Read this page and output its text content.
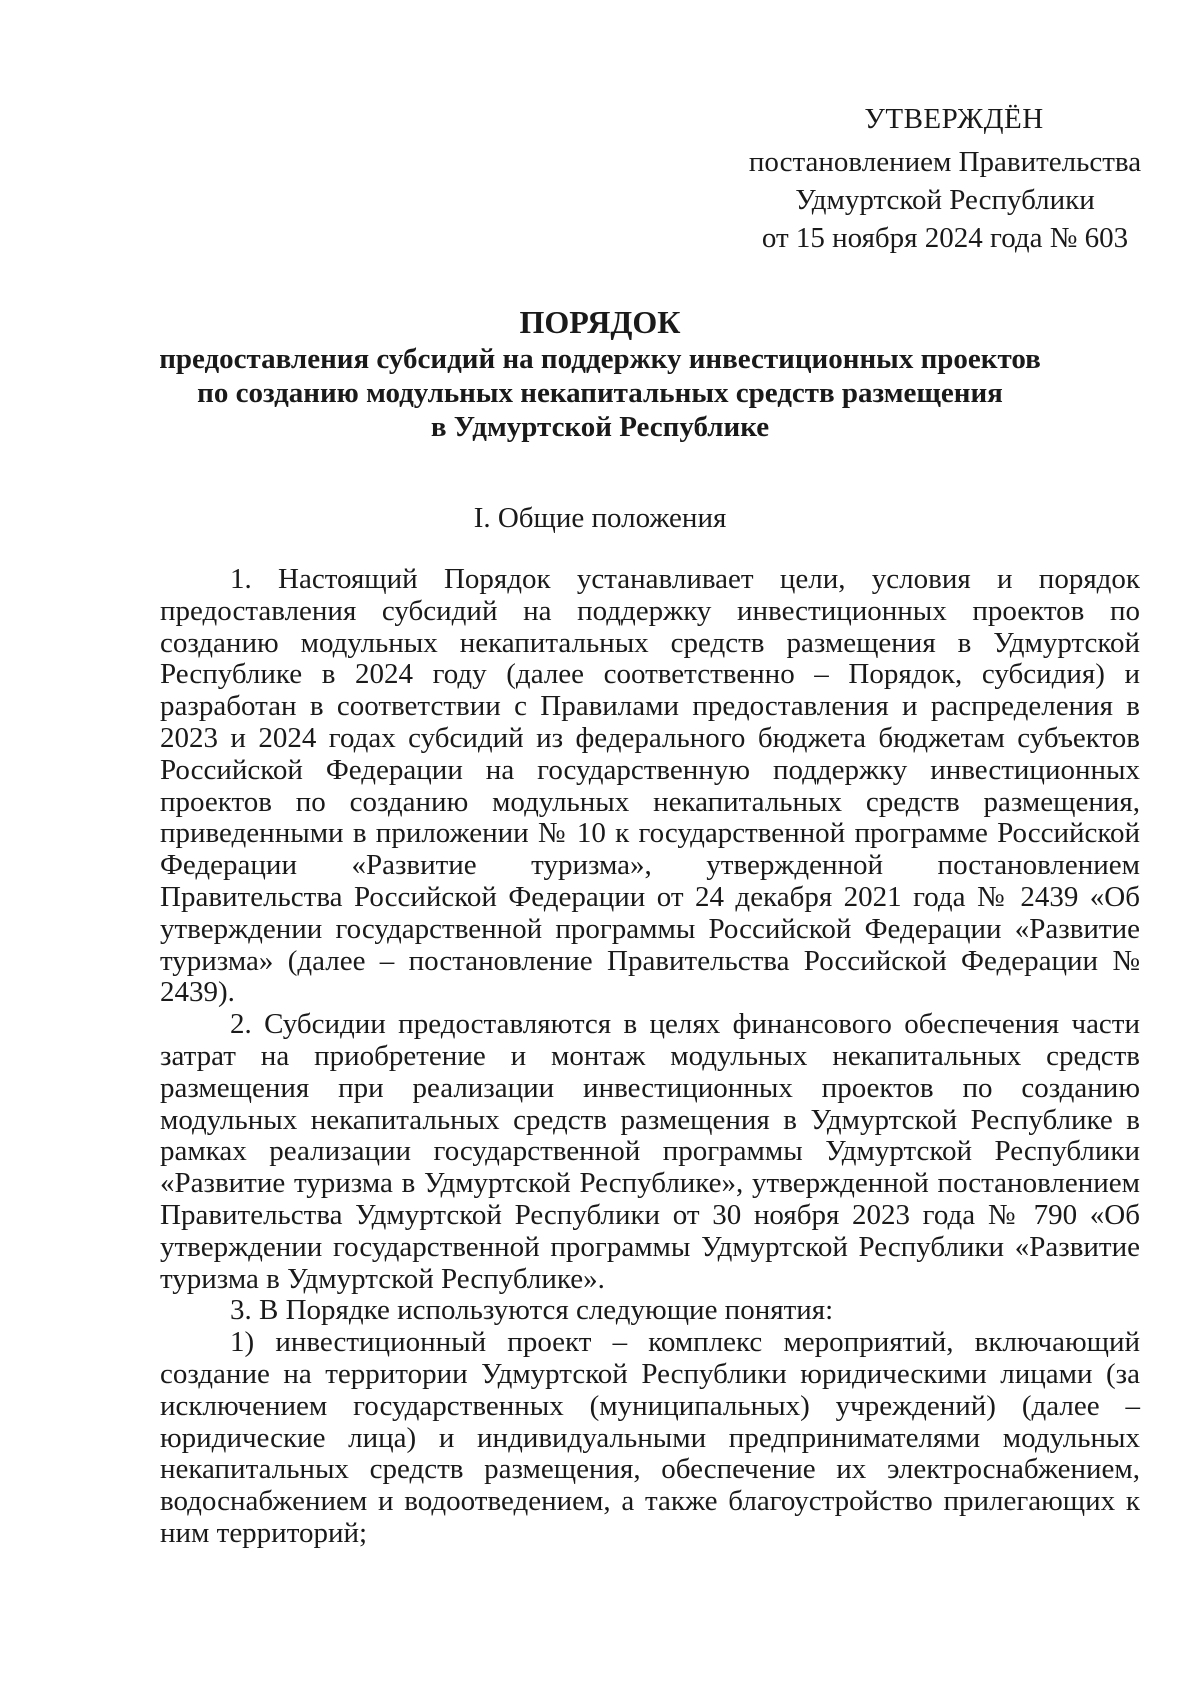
УТВЕРЖДЁН
постановлением Правительства
Удмуртской Республики
от 15 ноября 2024 года № 603
ПОРЯДОК
предоставления субсидий на поддержку инвестиционных проектов
по созданию модульных некапитальных средств размещения
в Удмуртской Республике
I. Общие положения

1. Настоящий Порядок устанавливает цели, условия и порядок предоставления субсидий на поддержку инвестиционных проектов по созданию модульных некапитальных средств размещения в Удмуртской Республике в 2024 году (далее соответственно – Порядок, субсидия) и разработан в соответствии с Правилами предоставления и распределения в 2023 и 2024 годах субсидий из федерального бюджета бюджетам субъектов Российской Федерации на государственную поддержку инвестиционных проектов по созданию модульных некапитальных средств размещения, приведенными в приложении № 10 к государственной программе Российской Федерации «Развитие туризма», утвержденной постановлением Правительства Российской Федерации от 24 декабря 2021 года № 2439 «Об утверждении государственной программы Российской Федерации «Развитие туризма» (далее – постановление Правительства Российской Федерации № 2439).

2. Субсидии предоставляются в целях финансового обеспечения части затрат на приобретение и монтаж модульных некапитальных средств размещения при реализации инвестиционных проектов по созданию модульных некапитальных средств размещения в Удмуртской Республике в рамках реализации государственной программы Удмуртской Республики «Развитие туризма в Удмуртской Республике», утвержденной постановлением Правительства Удмуртской Республики от 30 ноября 2023 года № 790 «Об утверждении государственной программы Удмуртской Республики «Развитие туризма в Удмуртской Республике».

3. В Порядке используются следующие понятия:

1) инвестиционный проект – комплекс мероприятий, включающий создание на территории Удмуртской Республики юридическими лицами (за исключением государственных (муниципальных) учреждений) (далее – юридические лица) и индивидуальными предпринимателями модульных некапитальных средств размещения, обеспечение их электроснабжением, водоснабжением и водоотведением, а также благоустройство прилегающих к ним территорий;
